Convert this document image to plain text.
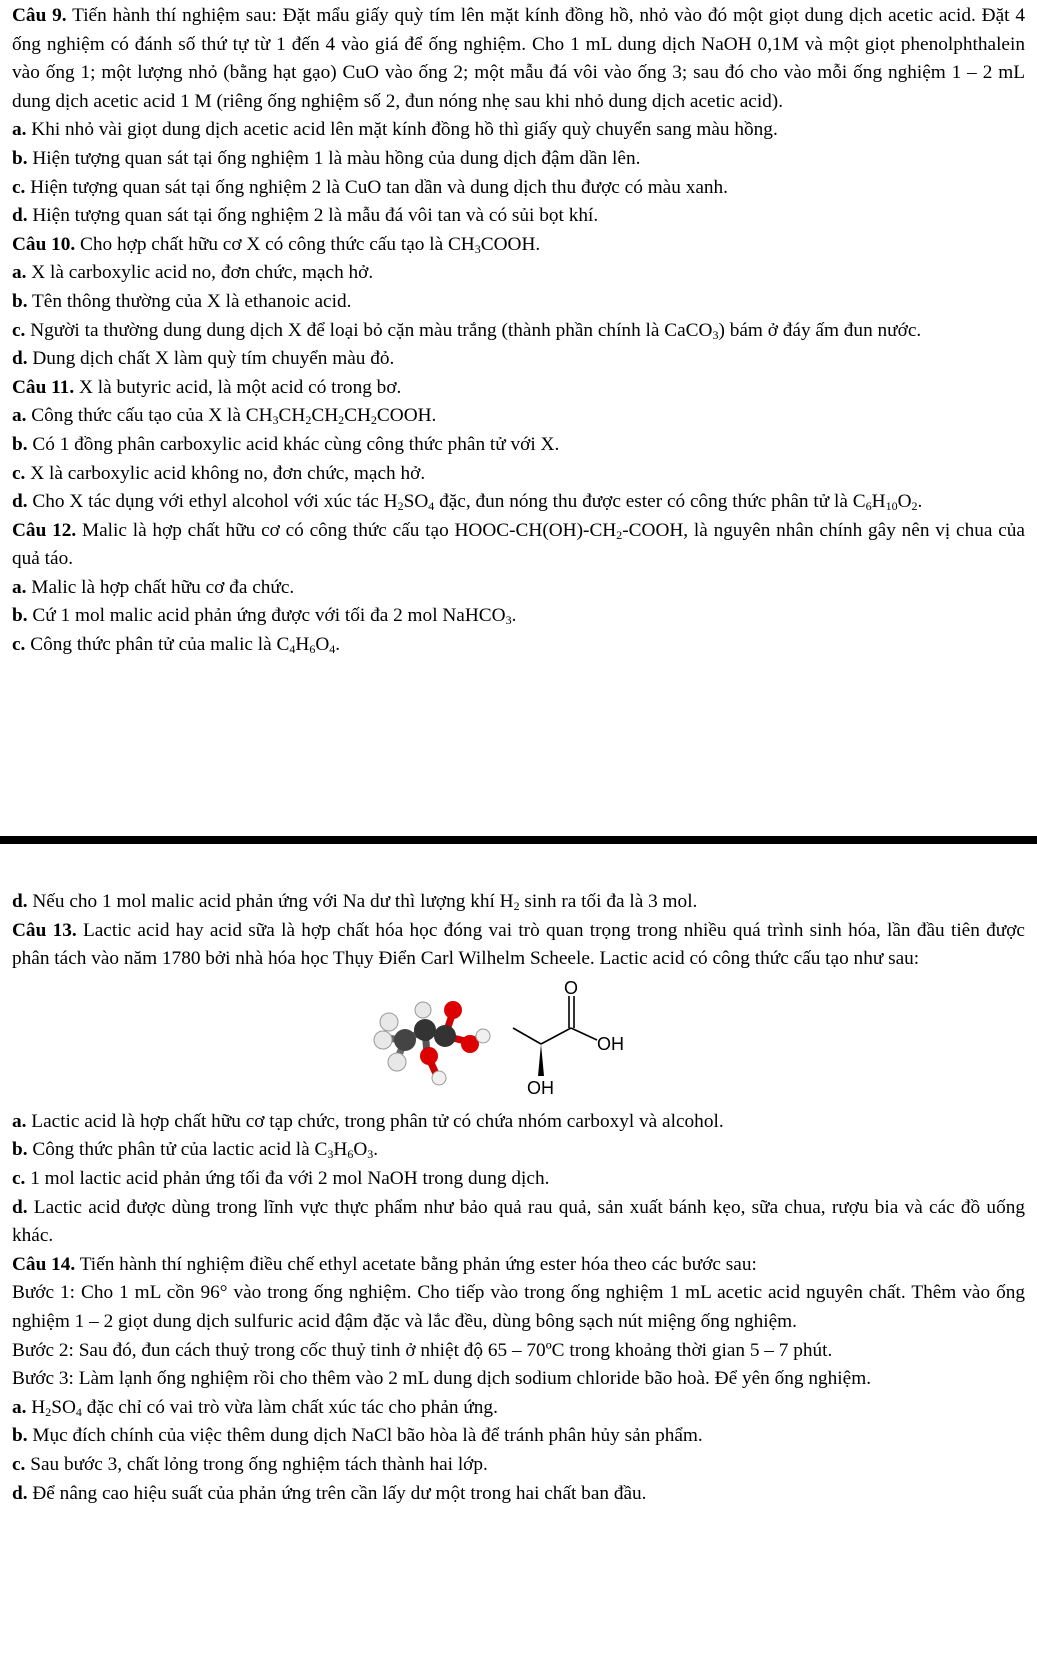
Câu 9. Tiến hành thí nghiệm sau: Đặt mẩu giấy quỳ tím lên mặt kính đồng hồ, nhỏ vào đó một giọt dung dịch acetic acid. Đặt 4 ống nghiệm có đánh số thứ tự từ 1 đến 4 vào giá để ống nghiệm. Cho 1 mL dung dịch NaOH 0,1M và một giọt phenolphthalein vào ống 1; một lượng nhỏ (bằng hạt gạo) CuO vào ống 2; một mẫu đá vôi vào ống 3; sau đó cho vào mỗi ống nghiệm 1 – 2 mL dung dịch acetic acid 1 M (riêng ống nghiệm số 2, đun nóng nhẹ sau khi nhỏ dung dịch acetic acid).

a. Khi nhỏ vài giọt dung dịch acetic acid lên mặt kính đồng hồ thì giấy quỳ chuyển sang màu hồng.

b. Hiện tượng quan sát tại ống nghiệm 1 là màu hồng của dung dịch đậm dần lên.

c. Hiện tượng quan sát tại ống nghiệm 2 là CuO tan dần và dung dịch thu được có màu xanh.

d. Hiện tượng quan sát tại ống nghiệm 2 là mẫu đá vôi tan và có sủi bọt khí.

Câu 10. Cho hợp chất hữu cơ X có công thức cấu tạo là $CH_3COOH$.

a. X là carboxylic acid no, đơn chức, mạch hở.

b. Tên thông thường của X là ethanoic acid.

c. Người ta thường dung dung dịch X để loại bỏ cặn màu trắng (thành phần chính là CaCO$_3$) bám ở đáy ấm đun nước.

d. Dung dịch chất X làm quỳ tím chuyển màu đỏ.

Câu 11. X là butyric acid, là một acid có trong bơ.

a. Công thức cấu tạo của X là $CH_3CH_2CH_2CH_2COOH$.

b. Có 1 đồng phân carboxylic acid khác cùng công thức phân tử với X.

c. X là carboxylic acid không no, đơn chức, mạch hở.

d. Cho X tác dụng với ethyl alcohol với xúc tác $H_2SO_4$ đặc, đun nóng thu được ester có công thức phân tử là $C_6H_{10}O_2$.

Câu 12. Malic là hợp chất hữu cơ có công thức cấu tạo HOOC-$CH(OH)-CH_2$-COOH, là nguyên nhân chính gây nên vị chua của quả táo.

a. Malic là hợp chất hữu cơ đa chức.

b. Cứ 1 mol malic acid phản ứng được với tối đa 2 mol NaHCO$_3$.

c. Công thức phân tử của malic là $C_4H_6O_4$.

d. Nếu cho 1 mol malic acid phản ứng với Na dư thì lượng khí $H_2$ sinh ra tối đa là 3 mol.

Câu 13. Lactic acid hay acid sữa là hợp chất hóa học đóng vai trò quan trọng trong nhiều quá trình sinh hóa, lần đầu tiên được phân tách vào năm 1780 bởi nhà hóa học Thụy Điển Carl Wilhelm Scheele. Lactic acid có công thức cấu tạo như sau:

O
OH
OH

a. Lactic acid là hợp chất hữu cơ tạp chức, trong phân tử có chứa nhóm carboxyl và alcohol.

b. Công thức phân tử của lactic acid là $C_3H_6O_3$.

c. 1 mol lactic acid phản ứng tối đa với 2 mol NaOH trong dung dịch.

d. Lactic acid được dùng trong lĩnh vực thực phẩm như bảo quả rau quả, sản xuất bánh kẹo, sữa chua, rượu bia và các đồ uống khác.

Câu 14. Tiến hành thí nghiệm điều chế ethyl acetate bằng phản ứng ester hóa theo các bước sau:

Bước 1: Cho 1 mL cồn 96° vào trong ống nghiệm. Cho tiếp vào trong ống nghiệm 1 mL acetic acid nguyên chất. Thêm vào ống nghiệm 1 – 2 giọt dung dịch sulfuric acid đậm đặc và lắc đều, dùng bông sạch nút miệng ống nghiệm.

Bước 2: Sau đó, đun cách thuỷ trong cốc thuỷ tinh ở nhiệt độ 65 – 70ºC trong khoảng thời gian 5 – 7 phút.

Bước 3: Làm lạnh ống nghiệm rồi cho thêm vào 2 mL dung dịch sodium chloride bão hoà. Để yên ống nghiệm.

a. $H_2SO_4$ đặc chỉ có vai trò vừa làm chất xúc tác cho phản ứng.

b. Mục đích chính của việc thêm dung dịch NaCl bão hòa là để tránh phân hủy sản phẩm.

c. Sau bước 3, chất lỏng trong ống nghiệm tách thành hai lớp.

d. Để nâng cao hiệu suất của phản ứng trên cần lấy dư một trong hai chất ban đầu.
